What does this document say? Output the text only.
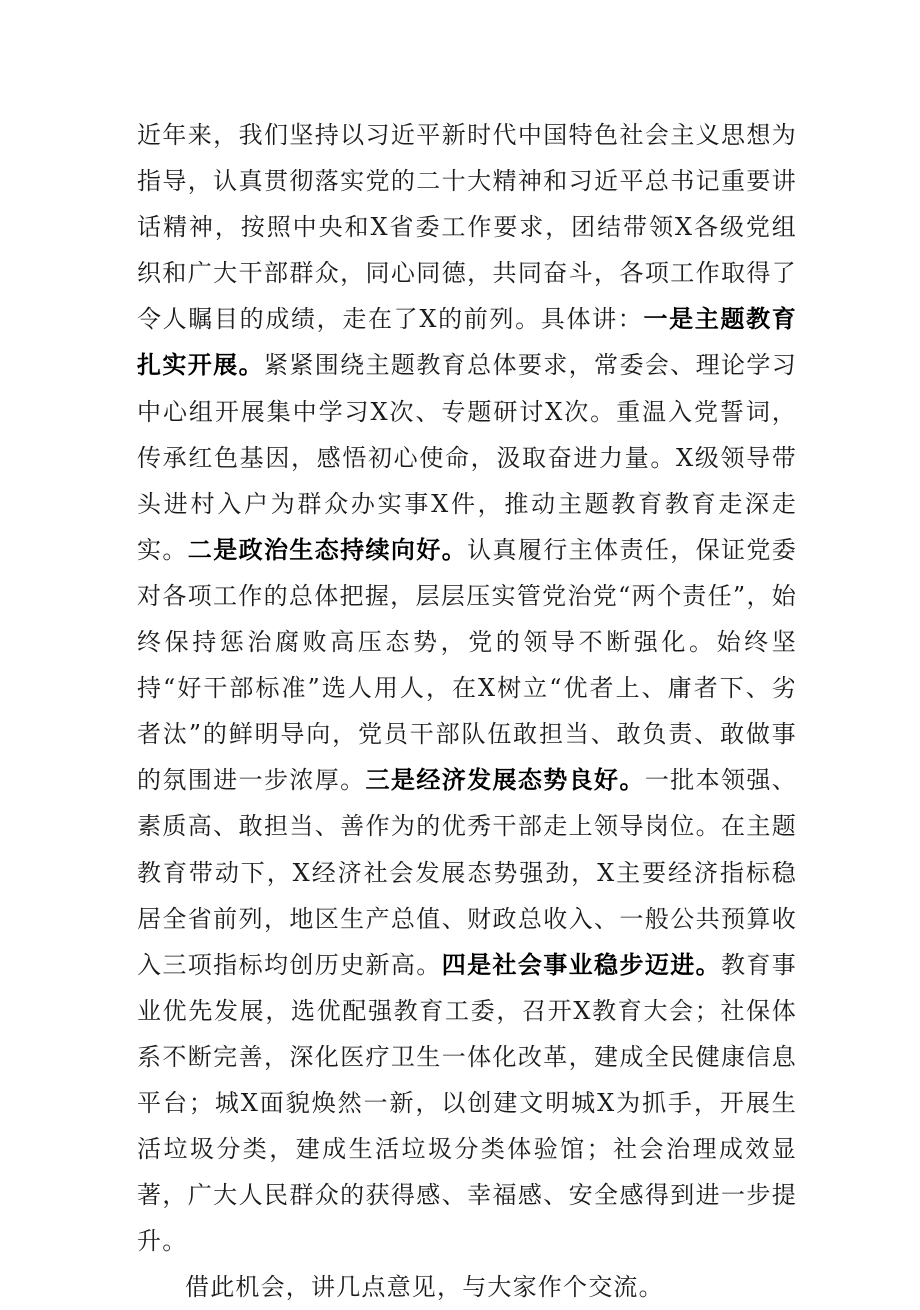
近年来，我们坚持以习近平新时代中国特色社会主义思想为指导，认真贯彻落实党的二十大精神和习近平总书记重要讲话精神，按照中央和X省委工作要求，团结带领X各级党组织和广大干部群众，同心同德，共同奋斗，各项工作取得了令人瞩目的成绩，走在了X的前列。具体讲：一是主题教育扎实开展。紧紧围绕主题教育总体要求，常委会、理论学习中心组开展集中学习X次、专题研讨X次。重温入党誓词，传承红色基因，感悟初心使命，汲取奋进力量。X级领导带头进村入户为群众办实事X件，推动主题教育教育走深走实。二是政治生态持续向好。认真履行主体责任，保证党委对各项工作的总体把握，层层压实管党治党“两个责任”，始终保持惩治腐败高压态势，党的领导不断强化。始终坚持“好干部标准”选人用人，在X树立“优者上、庸者下、劣者汰”的鲜明导向，党员干部队伍敢担当、敢负责、敢做事的氛围进一步浓厚。三是经济发展态势良好。一批本领强、素质高、敢担当、善作为的优秀干部走上领导岗位。在主题教育带动下，X经济社会发展态势强劲，X主要经济指标稳居全省前列，地区生产总值、财政总收入、一般公共预算收入三项指标均创历史新高。四是社会事业稳步迈进。教育事业优先发展，选优配强教育工委，召开X教育大会；社保体系不断完善，深化医疗卫生一体化改革，建成全民健康信息平台；城X面貌焕然一新，以创建文明城X为抓手，开展生活垃圾分类，建成生活垃圾分类体验馆；社会治理成效显著，广大人民群众的获得感、幸福感、安全感得到进一步提升。

借此机会，讲几点意见，与大家作个交流。
